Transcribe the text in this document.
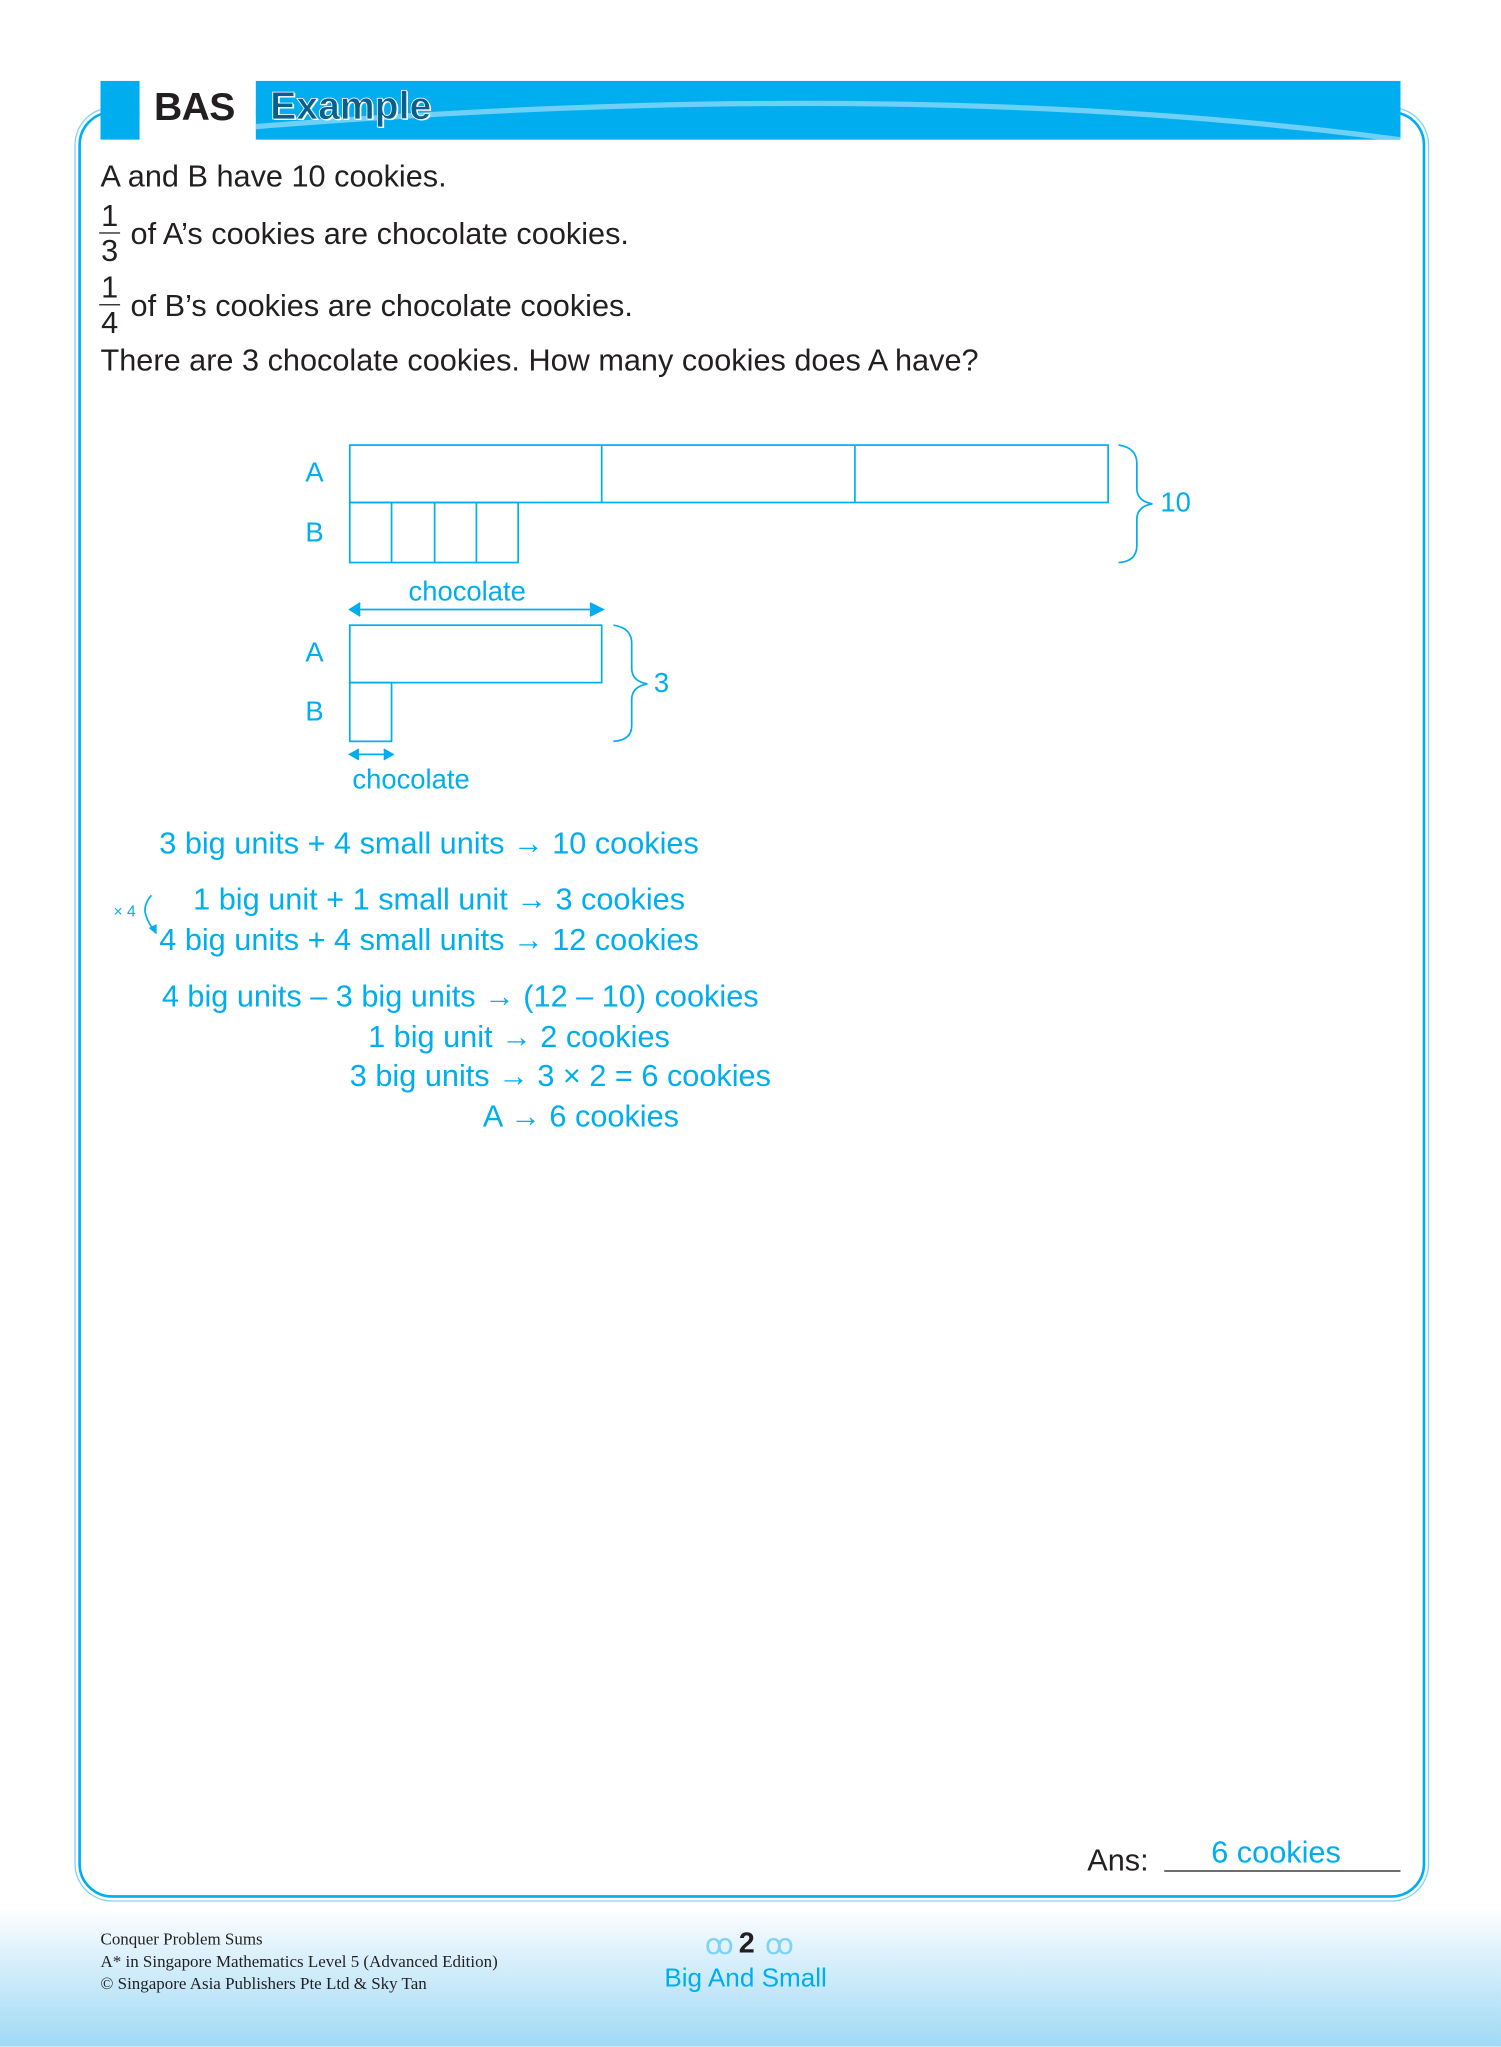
BAS Example
A and B have 10 cookies.
1
3
of A’s cookies are chocolate cookies.
1
4 of B’s cookies are chocolate cookies.
There are 3 chocolate cookies. How many cookies does A have?
A
B
10
chocolate
A
B
3
chocolate
3 big units + 4 small units → 10 cookies
1 big unit + 1 small unit → 3 cookies
× 4
4 big units + 4 small units → 12 cookies
4 big units – 3 big units → (12 – 10) cookies
1 big unit → 2 cookies
3 big units → 3 × 2 = 6 cookies
A → 6 cookies
Ans:	6 cookies
Conquer Problem Sums
A* in Singapore Mathematics Level 5 (Advanced Edition)
© Singapore Asia Publishers Pte Ltd & Sky Tan
ꝏ 2 ꝏ
Big And Small
